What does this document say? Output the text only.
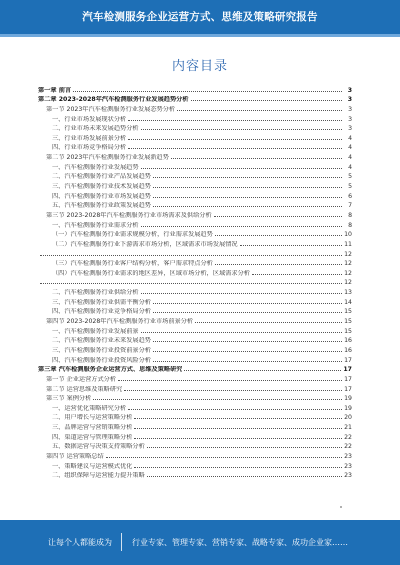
汽车检测服务企业运营方式、思维及策略研究报告
内容目录
第一章 前言	3
第二章 2023-2028年汽车检测服务行业发展趋势分析	3
第一节 2023年汽车检测服务行业发展态势分析	3
一、行业市场发展现状分析	3
二、行业市场未来发展趋势分析	3
三、行业市场发展前景分析	4
四、行业市场竞争格局分析	4
第二节 2023年汽车检测服务行业发展新趋势	4
一、汽车检测服务行业发展趋势	4
二、汽车检测服务行业产品发展趋势	5
三、汽车检测服务行业技术发展趋势	5
四、汽车检测服务行业市场发展趋势	6
五、汽车检测服务行业政策发展趋势	7
第三节 2023-2028年汽车检测服务行业市场需求及供给分析	8
一、汽车检测服务行业需求分析	8
（一）汽车检测服务行业需求规模分析，行业需求发展趋势	10
（二）汽车检测服务行业下游需求市场分析，区域需求市场发展情况	11
12
（三）汽车检测服务行业客户结构分析，客户需求特点分析	12
（四）汽车检测服务行业需求的地区差异，区域市场分析，区域需求分析	12
12
二、汽车检测服务行业供给分析	13
三、汽车检测服务行业供需平衡分析	14
四、汽车检测服务行业竞争格局分析	15
第四节 2023-2028年汽车检测服务行业市场前景分析	15
一、汽车检测服务行业发展前景	15
二、汽车检测服务行业未来发展趋势	16
三、汽车检测服务行业投资前景分析	16
四、汽车检测服务行业投资风险分析	17
第三章 汽车检测服务企业运营方式、思维及策略研究	17
第一节 企业运营方式分析	17
第二节 运营思维及策略研究	17
第三节 案例分析	19
一、运营优化策略研究分析	19
二、用户增长与运营策略分析	20
三、品牌运营与营销策略分析	21
四、渠道运营与管理策略分析	22
五、数据运营与决策支持策略分析	22
第四节 运营策略总结	23
一、策略建议与运营模式优化	23
二、组织保障与运营能力提升策略	23
让每个人都能成为	行业专家、管理专家、营销专家、战略专家、成功企业家……
